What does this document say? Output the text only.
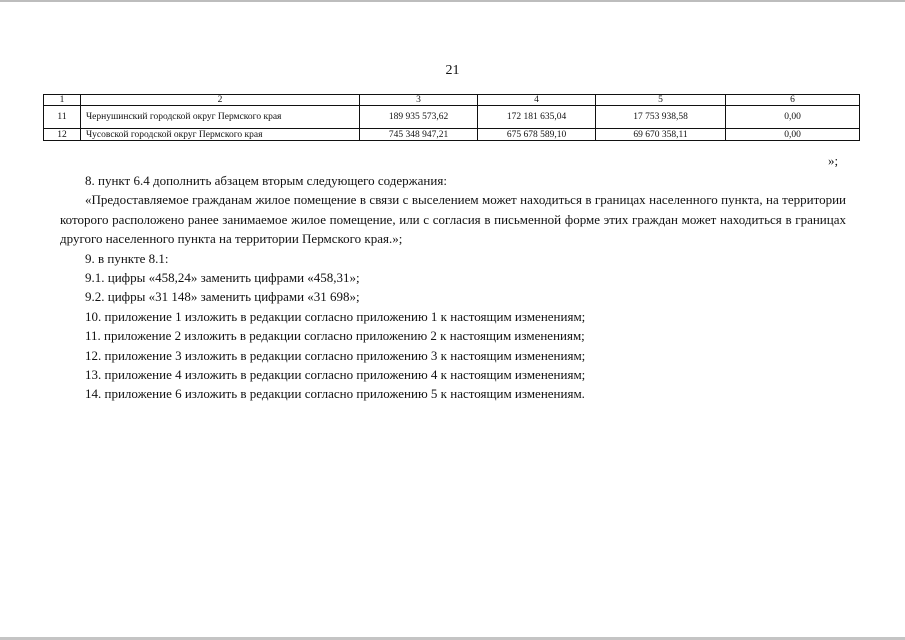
21
1	2	3	4	5	6
11	Чернушинский городской округ Пермского края	189 935 573,62	172 181 635,04	17 753 938,58	0,00
12	Чусовской городской округ Пермского края	745 348 947,21	675 678 589,10	69 670 358,11	0,00
»;

8. пункт 6.4 дополнить абзацем вторым следующего содержания:

«Предоставляемое гражданам жилое помещение в связи с выселением может находиться в границах населенного пункта, на территории которого расположено ранее занимаемое жилое помещение, или с согласия в письменной форме этих граждан может находиться в границах другого населенного пункта на территории Пермского края.»;

9. в пункте 8.1:

9.1. цифры «458,24» заменить цифрами «458,31»;

9.2. цифры «31 148» заменить цифрами «31 698»;

10. приложение 1 изложить в редакции согласно приложению 1 к настоящим изменениям;

11. приложение 2 изложить в редакции согласно приложению 2 к настоящим изменениям;

12. приложение 3 изложить в редакции согласно приложению 3 к настоящим изменениям;

13. приложение 4 изложить в редакции согласно приложению 4 к настоящим изменениям;

14. приложение 6 изложить в редакции согласно приложению 5 к настоящим изменениям.
